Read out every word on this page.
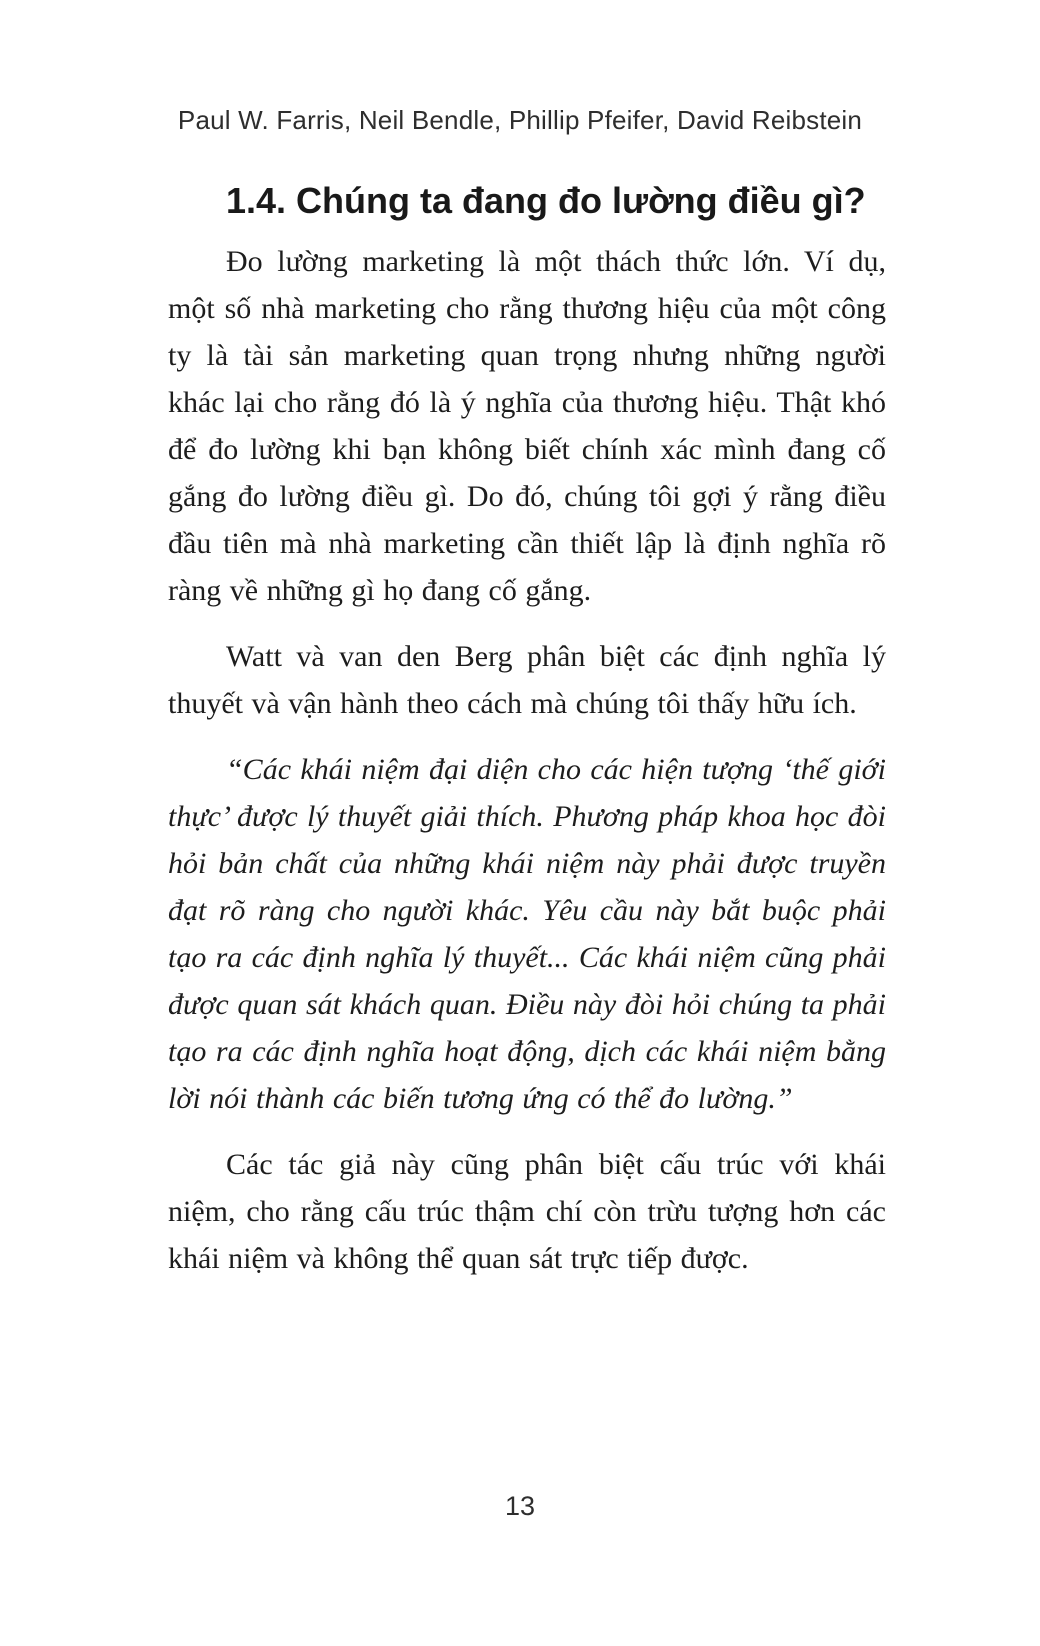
Paul W. Farris, Neil Bendle, Phillip Pfeifer, David Reibstein
1.4. Chúng ta đang đo lường điều gì?

Đo lường marketing là một thách thức lớn. Ví dụ, một số nhà marketing cho rằng thương hiệu của một công ty là tài sản marketing quan trọng nhưng những người khác lại cho rằng đó là ý nghĩa của thương hiệu. Thật khó để đo lường khi bạn không biết chính xác mình đang cố gắng đo lường điều gì. Do đó, chúng tôi gợi ý rằng điều đầu tiên mà nhà marketing cần thiết lập là định nghĩa rõ ràng về những gì họ đang cố gắng.

Watt và van den Berg phân biệt các định nghĩa lý thuyết và vận hành theo cách mà chúng tôi thấy hữu ích.

“Các khái niệm đại diện cho các hiện tượng ‘thế giới thực’ được lý thuyết giải thích. Phương pháp khoa học đòi hỏi bản chất của những khái niệm này phải được truyền đạt rõ ràng cho người khác. Yêu cầu này bắt buộc phải tạo ra các định nghĩa lý thuyết... Các khái niệm cũng phải được quan sát khách quan. Điều này đòi hỏi chúng ta phải tạo ra các định nghĩa hoạt động, dịch các khái niệm bằng lời nói thành các biến tương ứng có thể đo lường.”

Các tác giả này cũng phân biệt cấu trúc với khái niệm, cho rằng cấu trúc thậm chí còn trừu tượng hơn các khái niệm và không thể quan sát trực tiếp được.

13
